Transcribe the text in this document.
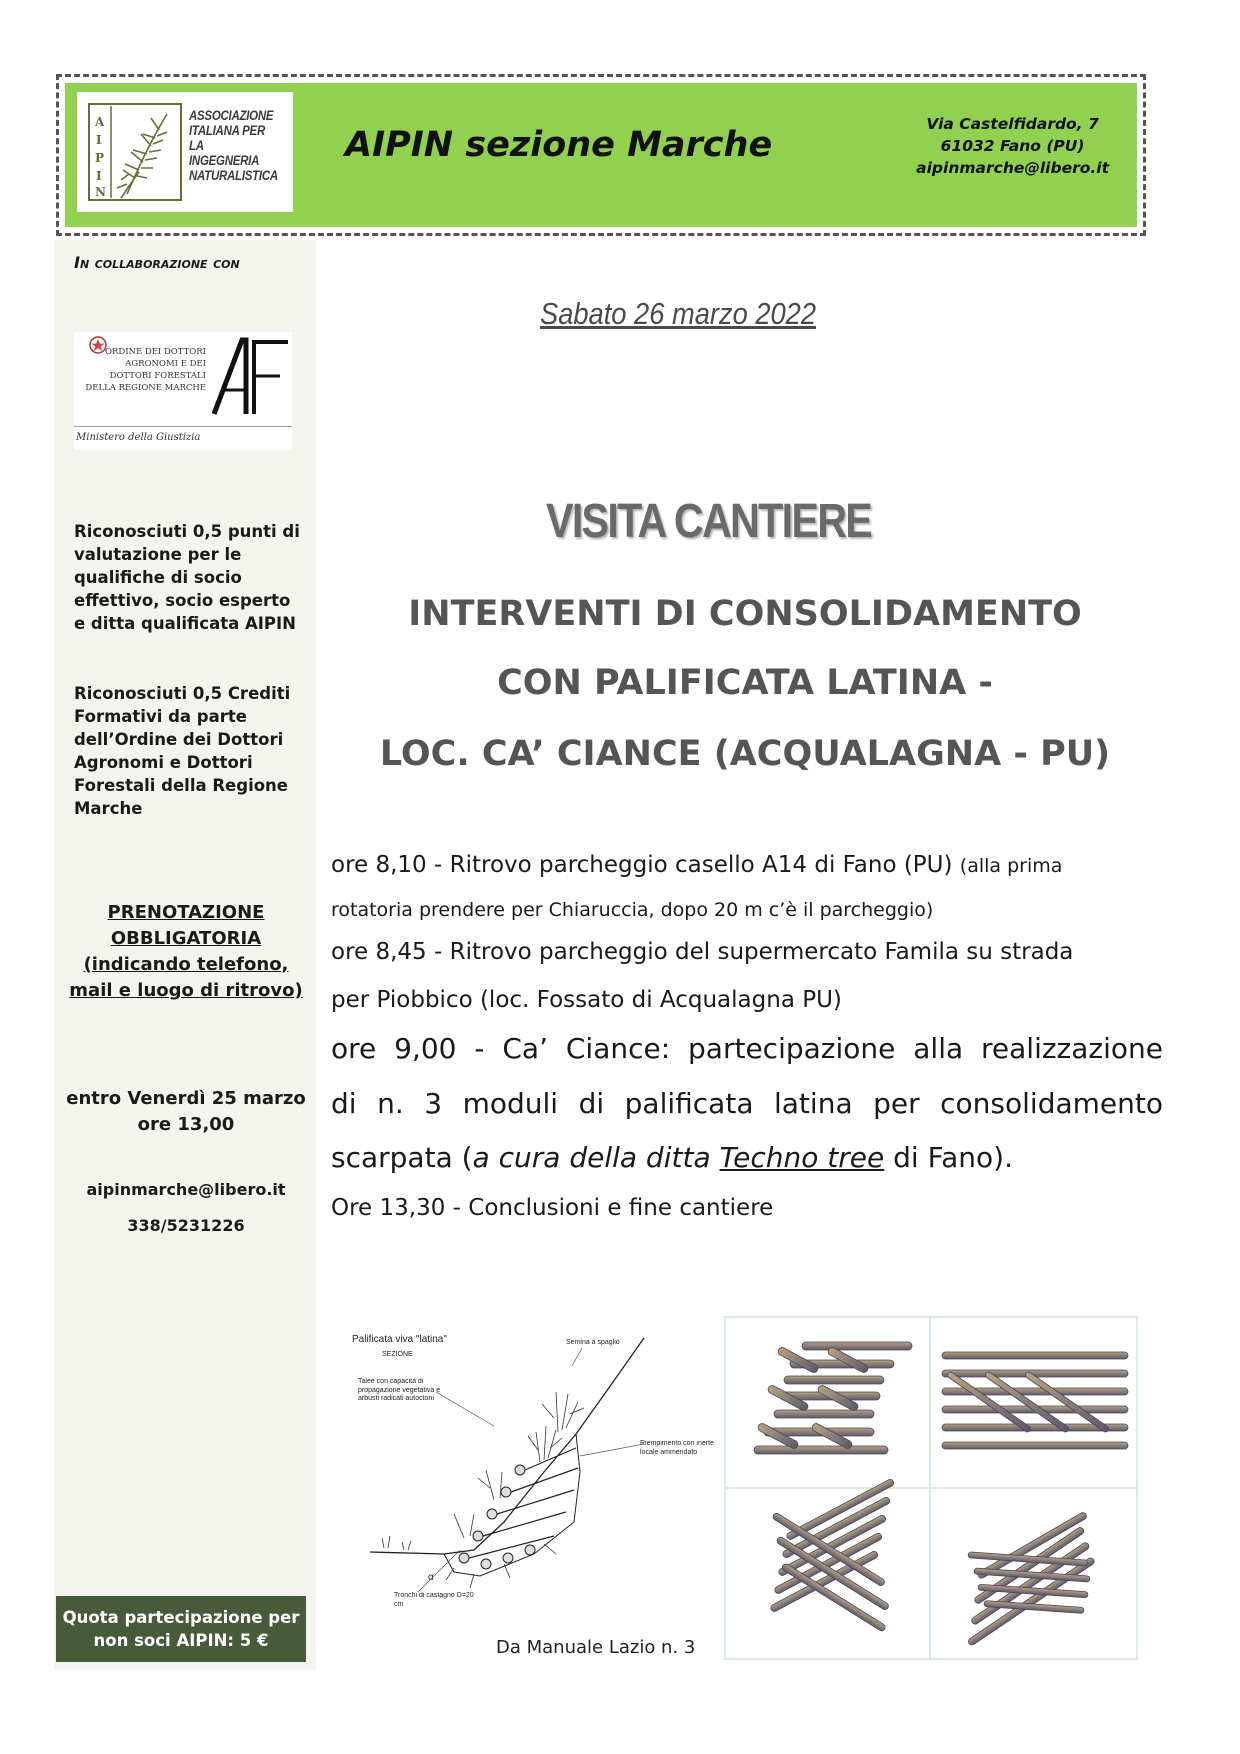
A
I
P
I
N
ASSOCIAZIONE ITALIANA PER LA INGEGNERIA NATURALISTICA
AIPIN sezione Marche
Via Castelfidardo, 7
61032 Fano (PU)
aipinmarche@libero.it
In collaborazione con
ORDINE DEI DOTTORI AGRONOMI E DEI DOTTORI FORESTALI DELLA REGIONE MARCHE
Ministero della Giustizia
Riconosciuti 0,5 punti di valutazione per le qualifiche di socio effettivo, socio esperto e ditta qualificata AIPIN
Riconosciuti 0,5 Crediti Formativi da parte dell’Ordine dei Dottori Agronomi e Dottori Forestali della Regione Marche
PRENOTAZIONE OBBLIGATORIA (indicando telefono, mail e luogo di ritrovo)
entro Venerdì 25 marzo ore 13,00
aipinmarche@libero.it
338/5231226
Quota partecipazione per non soci AIPIN: 5 €
Sabato 26 marzo 2022
VISITA CANTIERE
INTERVENTI DI CONSOLIDAMENTO
CON PALIFICATA LATINA -
LOC. CA’ CIANCE (ACQUALAGNA - PU)
ore 8,10 - Ritrovo parcheggio casello A14 di Fano (PU) (alla prima
rotatoria prendere per Chiaruccia, dopo 20 m c’è il parcheggio)
ore 8,45 - Ritrovo parcheggio del supermercato Famila su strada
per Piobbico (loc. Fossato di Acqualagna PU)
ore 9,00 - Ca’ Ciance: partecipazione alla realizzazione
di n. 3 moduli di palificata latina per consolidamento
scarpata (a cura della ditta Techno tree di Fano).
Ore 13,30 - Conclusioni e fine cantiere
Palificata viva "latina"
SEZIONE
Semina a spaglio
Talee con capacità di propagazione vegetativa e arbusti radicati autoctoni
Riempimento con inerte locale ammendato
Tronchi di castagno D=20 cm
α
Da Manuale Lazio n. 3
